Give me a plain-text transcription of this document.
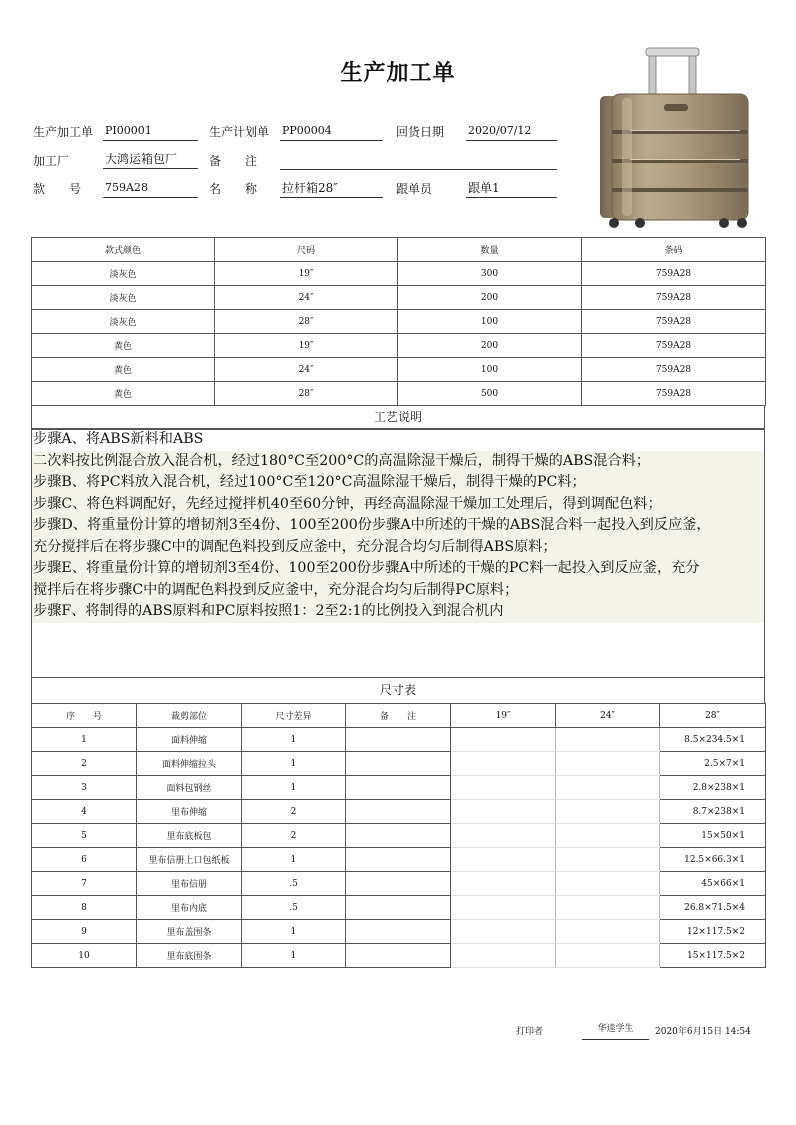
生产加工单
生产加工单 PI00001	生产计划单 PP00004	回货日期 2020/07/12
加工厂	大鸿运箱包厂	备　　注
款　　号 759A28	名　　称 拉杆箱28″	跟单员	跟单1
款式颜色	尺码	数量	条码
淡灰色	19″	300	759A28
淡灰色	24″	200	759A28
淡灰色	28″	100	759A28
黄色	19″	200	759A28
黄色	24″	100	759A28
黄色	28″	500	759A28
工艺说明

步骤A、将ABS新料和ABS

二次料按比例混合放入混合机，经过180°C至200°C的高温除湿干燥后，制得干燥的ABS混合料；

步骤B、将PC料放入混合机，经过100°C至120°C高温除湿干燥后，制得干燥的PC料；

步骤C、将色料调配好，先经过搅拌机40至60分钟，再经高温除湿干燥加工处理后，得到调配色料；

步骤D、将重量份计算的增韧剂3至4份、100至200份步骤A中所述的干燥的ABS混合料一起投入到反应釜，

充分搅拌后在将步骤C中的调配色料投到反应釜中，充分混合均匀后制得ABS原料；

步骤E、将重量份计算的增韧剂3至4份、100至200份步骤A中所述的干燥的PC料一起投入到反应釜，充分

搅拌后在将步骤C中的调配色料投到反应釜中，充分混合均匀后制得PC原料；

步骤F、将制得的ABS原料和PC原料按照1：2至2:1的比例投入到混合机内

尺寸表
序　　号	裁剪部位	尺寸差异	备　　注	19″	24″	28″
1	面料伸缩	1				8.5×234.5×1
2	面料伸缩拉头	1				2.5×7×1
3	面料包钢丝	1				2.8×238×1
4	里布伸缩	2				8.7×238×1
5	里布底板包	2				15×50×1
6	里布信册上口包纸板	1				12.5×66.3×1
7	里布信册	.5				45×66×1
8	里布内底	.5				26.8×71.5×4
9	里布盖围条	1				12×117.5×2
10	里布底围条	1				15×117.5×2
打印者	华逵学生	2020年6月15日 14:54
